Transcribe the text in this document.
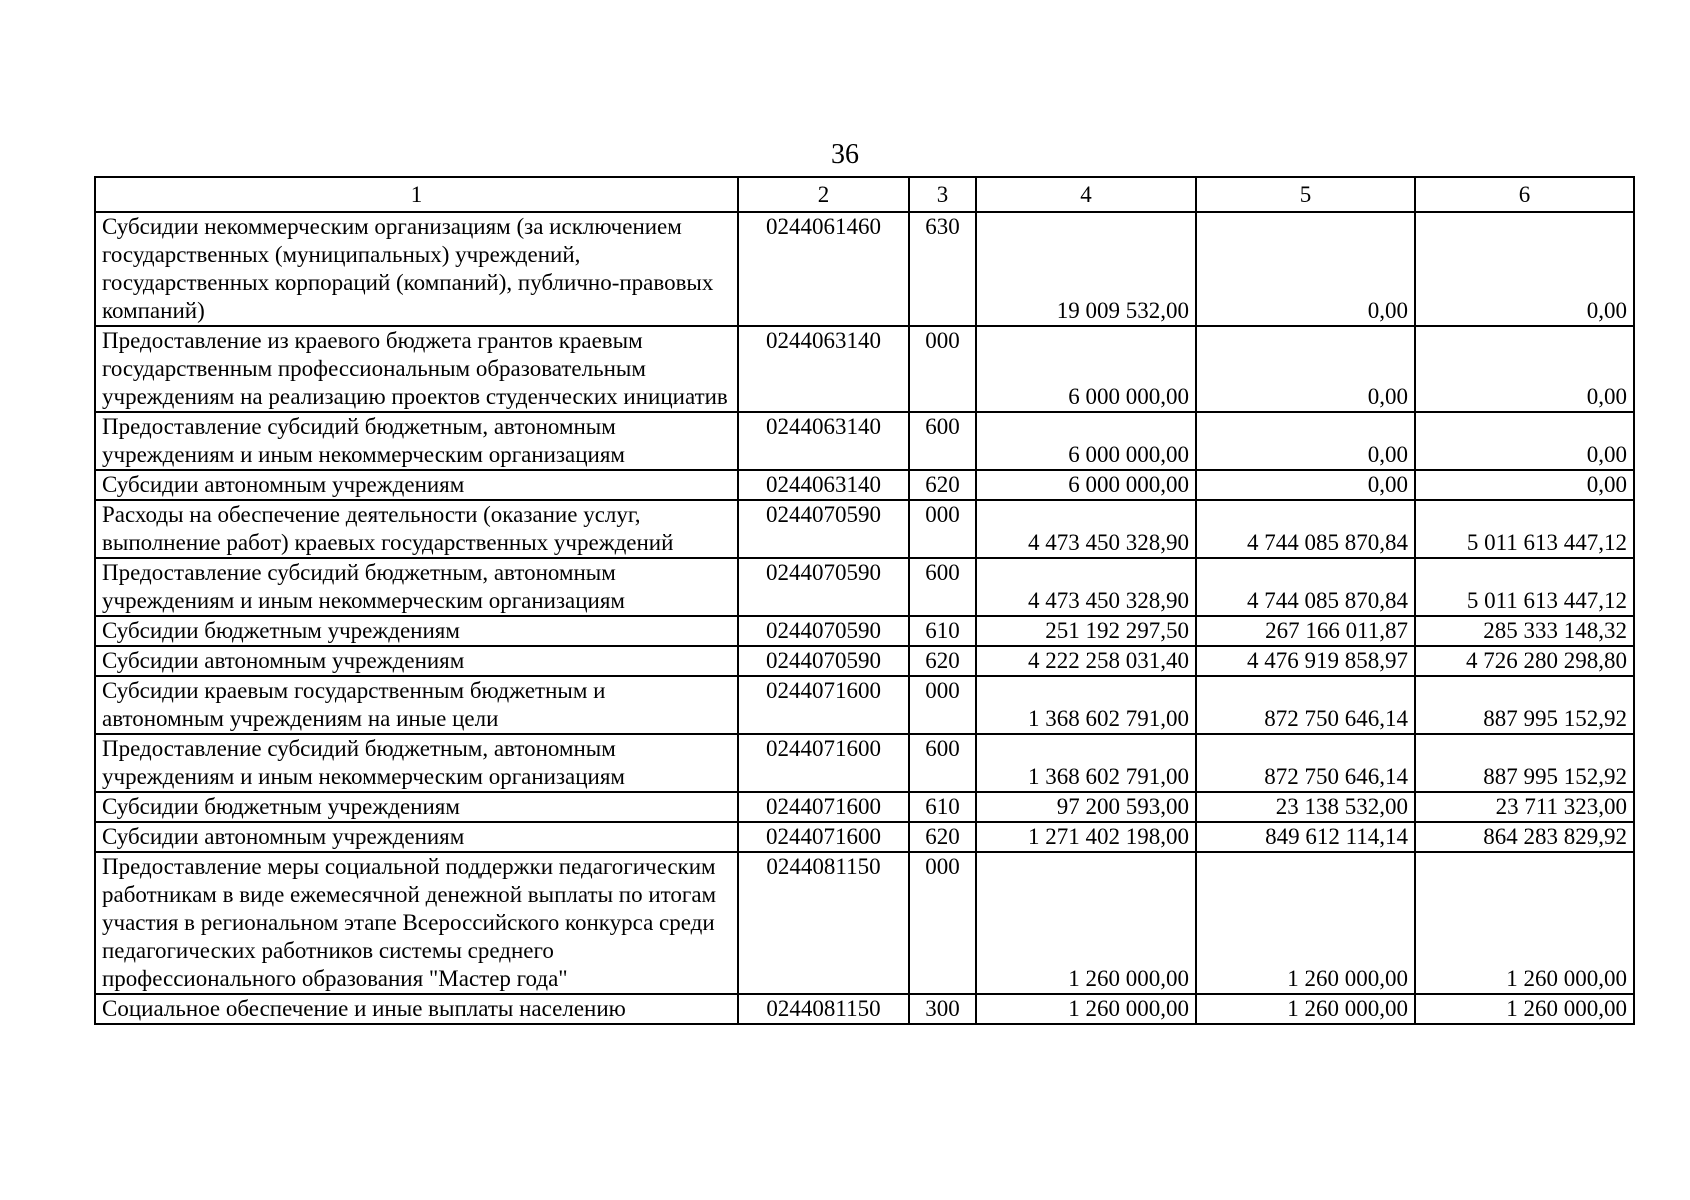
36
1	2	3	4	5	6
Субсидии некоммерческим организациям (за исключением государственных (муниципальных) учреждений, государственных корпораций (компаний), публично-правовых компаний)	0244061460	630	19 009 532,00	0,00	0,00
Предоставление из краевого бюджета грантов краевым государственным профессиональным образовательным учреждениям на реализацию проектов студенческих инициатив	0244063140	000	6 000 000,00	0,00	0,00
Предоставление субсидий бюджетным, автономным учреждениям и иным некоммерческим организациям	0244063140	600	6 000 000,00	0,00	0,00
Субсидии автономным учреждениям	0244063140	620	6 000 000,00	0,00	0,00
Расходы на обеспечение деятельности (оказание услуг, выполнение работ) краевых государственных учреждений	0244070590	000	4 473 450 328,90	4 744 085 870,84	5 011 613 447,12
Предоставление субсидий бюджетным, автономным учреждениям и иным некоммерческим организациям	0244070590	600	4 473 450 328,90	4 744 085 870,84	5 011 613 447,12
Субсидии бюджетным учреждениям	0244070590	610	251 192 297,50	267 166 011,87	285 333 148,32
Субсидии автономным учреждениям	0244070590	620	4 222 258 031,40	4 476 919 858,97	4 726 280 298,80
Субсидии краевым государственным бюджетным и автономным учреждениям на иные цели	0244071600	000	1 368 602 791,00	872 750 646,14	887 995 152,92
Предоставление субсидий бюджетным, автономным учреждениям и иным некоммерческим организациям	0244071600	600	1 368 602 791,00	872 750 646,14	887 995 152,92
Субсидии бюджетным учреждениям	0244071600	610	97 200 593,00	23 138 532,00	23 711 323,00
Субсидии автономным учреждениям	0244071600	620	1 271 402 198,00	849 612 114,14	864 283 829,92
Предоставление меры социальной поддержки педагогическим работникам в виде ежемесячной денежной выплаты по итогам участия в региональном этапе Всероссийского конкурса среди педагогических работников системы среднего профессионального образования "Мастер года"	0244081150	000	1 260 000,00	1 260 000,00	1 260 000,00
Социальное обеспечение и иные выплаты населению	0244081150	300	1 260 000,00	1 260 000,00	1 260 000,00
